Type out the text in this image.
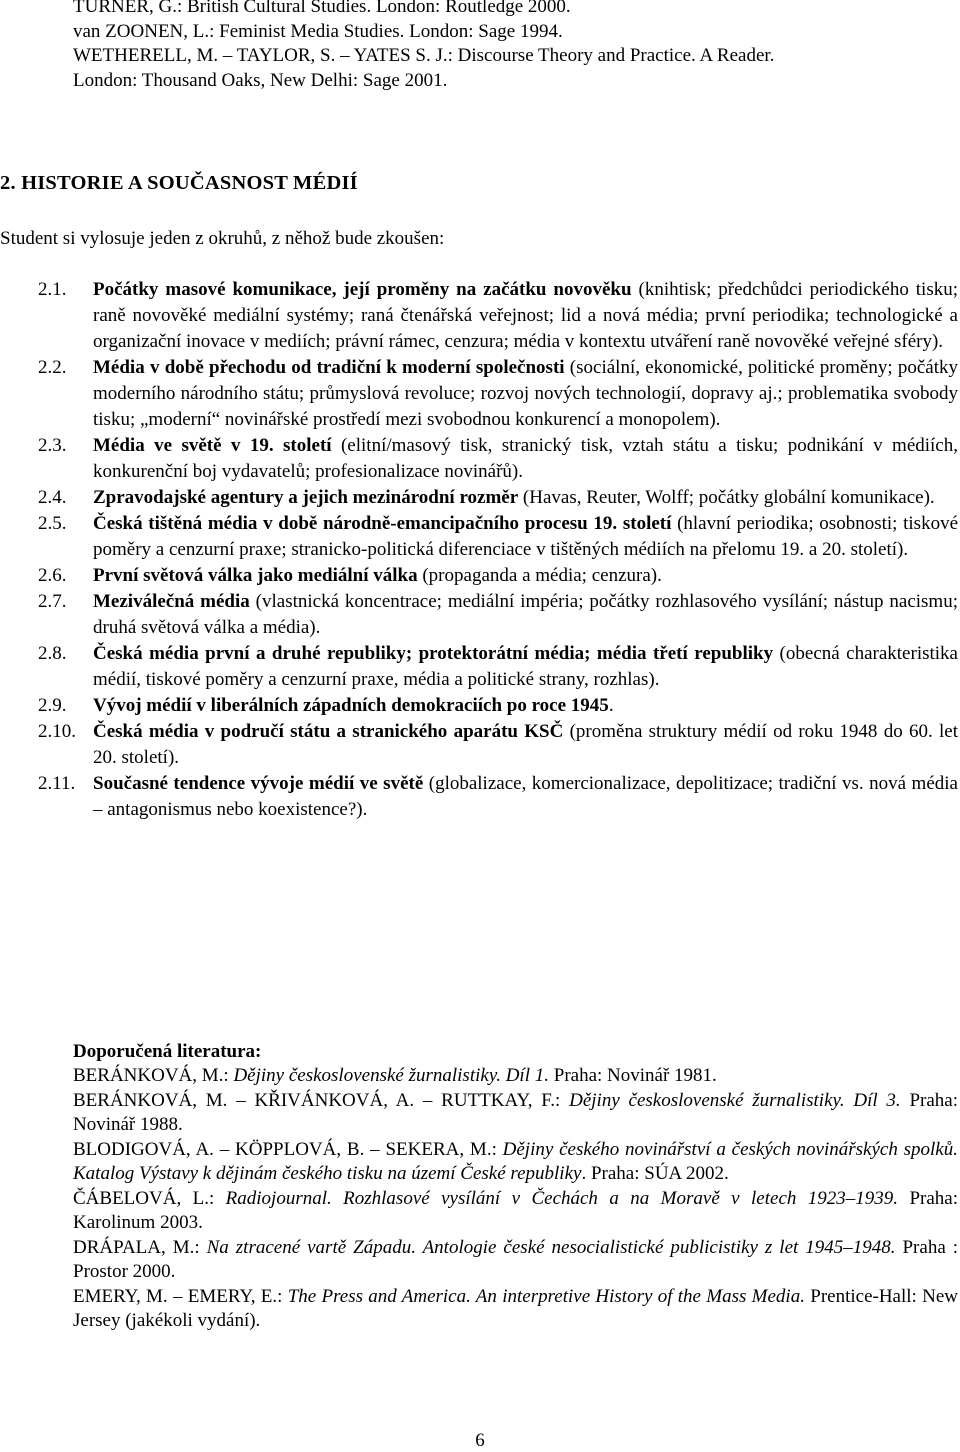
TURNER, G.: British Cultural Studies. London: Routledge 2000.
van ZOONEN, L.: Feminist Media Studies. London: Sage 1994.
WETHERELL, M. – TAYLOR, S. – YATES S. J.: Discourse Theory and Practice. A Reader.
London: Thousand Oaks, New Delhi: Sage 2001.
2. HISTORIE A SOUČASNOST MÉDIÍ
Student si vylosuje jeden z okruhů, z něhož bude zkoušen:
2.1.	Počátky masové komunikace, její proměny na začátku novověku (knihtisk; předchůdci periodického tisku; raně novověké mediální systémy; raná čtenářská veřejnost; lid a nová média; první periodika; technologické a organizační inovace v mediích; právní rámec, cenzura; média v kontextu utváření raně novověké veřejné sféry).
2.2.	Média v době přechodu od tradiční k moderní společnosti (sociální, ekonomické, politické proměny; počátky moderního národního státu; průmyslová revoluce; rozvoj nových technologií, dopravy aj.; problematika svobody tisku; „moderní“ novinářské prostředí mezi svobodnou konkurencí a monopolem).
2.3.	Média ve světě v 19. století (elitní/masový tisk, stranický tisk, vztah státu a tisku; podnikání v médiích, konkurenční boj vydavatelů; profesionalizace novinářů).
2.4.	Zpravodajské agentury a jejich mezinárodní rozměr (Havas, Reuter, Wolff; počátky globální komunikace).
2.5.	Česká tištěná média v době národně-emancipačního procesu 19. století (hlavní periodika; osobnosti; tiskové poměry a cenzurní praxe; stranicko-politická diferenciace v tištěných médiích na přelomu 19. a 20. století).
2.6.	První světová válka jako mediální válka (propaganda a média; cenzura).
2.7.	Meziválečná média (vlastnická koncentrace; mediální impéria; počátky rozhlasového vysílání; nástup nacismu; druhá světová válka a média).
2.8.	Česká média první a druhé republiky; protektorátní média; média třetí republiky (obecná charakteristika médií, tiskové poměry a cenzurní praxe, média a politické strany, rozhlas).
2.9.	Vývoj médií v liberálních západních demokraciích po roce 1945.
2.10. Česká média v područí státu a stranického aparátu KSČ (proměna struktury médií od roku 1948 do 60. let 20. století).
2.11. Současné tendence vývoje médií ve světě (globalizace, komercionalizace, depolitizace; tradiční vs. nová média – antagonismus nebo koexistence?).
Doporučená literatura:
BERÁNKOVÁ, M.: Dějiny československé žurnalistiky. Díl 1. Praha: Novinář 1981.
BERÁNKOVÁ, M. – KŘIVÁNKOVÁ, A. – RUTTKAY, F.: Dějiny československé žurnalistiky. Díl 3. Praha: Novinář 1988.
BLODIGOVÁ, A. – KÖPPLOVÁ, B. – SEKERA, M.: Dějiny českého novinářství a českých novinářských spolků. Katalog Výstavy k dějinám českého tisku na území České republiky. Praha: SÚA 2002.
ČÁBELOVÁ, L.: Radiojournal. Rozhlasové vysílání v Čechách a na Moravě v letech 1923–1939. Praha: Karolinum 2003.
DRÁPALA, M.: Na ztracené vartě Západu. Antologie české nesocialistické publicistiky z let 1945–1948. Praha : Prostor 2000.
EMERY, M. – EMERY, E.: The Press and America. An interpretive History of the Mass Media. Prentice-Hall: New Jersey (jakékoli vydání).
6
